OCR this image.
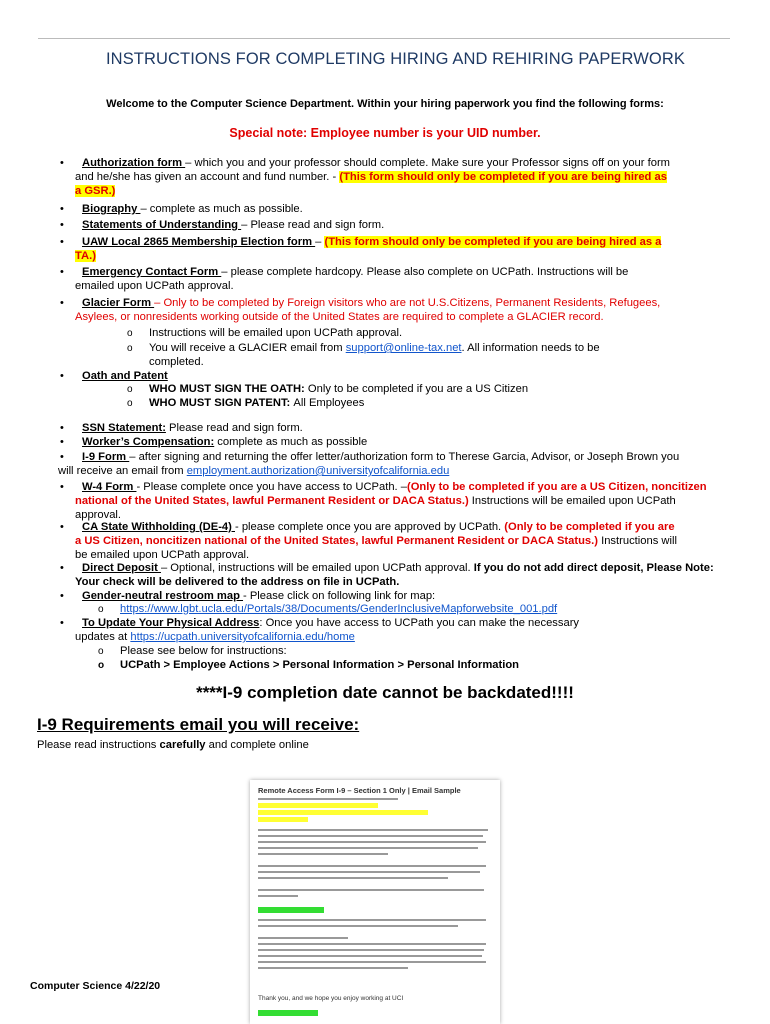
INSTRUCTIONS FOR COMPLETING HIRING AND REHIRING PAPERWORK
Welcome to the Computer Science Department. Within your hiring paperwork you find the following forms:
Special note: Employee number is your UID number.
• Authorization form – which you and your professor should complete. Make sure your Professor signs off on your form
and he/she has given an account and fund number. - (This form should only be completed if you are being hired as
a GSR.)
• Biography – complete as much as possible.
• Statements of Understanding – Please read and sign form.
• UAW Local 2865 Membership Election form – (This form should only be completed if you are being hired as a
TA.)
• Emergency Contact Form – please complete hardcopy. Please also complete on UCPath. Instructions will be
emailed upon UCPath approval.
• Glacier Form – Only to be completed by Foreign visitors who are not U.S.Citizens, Permanent Residents, Refugees,
Asylees, or nonresidents working outside of the United States are required to complete a GLACIER record.
o Instructions will be emailed upon UCPath approval.
o You will receive a GLACIER email from support@online-tax.net. All information needs to be
completed.
• Oath and Patent
o WHO MUST SIGN THE OATH: Only to be completed if you are a US Citizen
o WHO MUST SIGN PATENT: All Employees
• SSN Statement: Please read and sign form.
• Worker’s Compensation: complete as much as possible
• I-9 Form – after signing and returning the offer letter/authorization form to Therese Garcia, Advisor, or Joseph Brown you
will receive an email from employment.authorization@universityofcalifornia.edu
• W-4 Form - Please complete once you have access to UCPath. –(Only to be completed if you are a US Citizen, noncitizen
national of the United States, lawful Permanent Resident or DACA Status.) Instructions will be emailed upon UCPath
approval.
• CA State Withholding (DE-4) - please complete once you are approved by UCPath. (Only to be completed if you are
a US Citizen, noncitizen national of the United States, lawful Permanent Resident or DACA Status.) Instructions will
be emailed upon UCPath approval.
• Direct Deposit – Optional, instructions will be emailed upon UCPath approval. If you do not add direct deposit, Please Note:
Your check will be delivered to the address on file in UCPath.
• Gender-neutral restroom map - Please click on following link for map:
o https://www.lgbt.ucla.edu/Portals/38/Documents/GenderInclusiveMapforwebsite_001.pdf
• To Update Your Physical Address: Once you have access to UCPath you can make the necessary
updates at https://ucpath.universityofcalifornia.edu/home
o Please see below for instructions:
o UCPath > Employee Actions > Personal Information > Personal Information
****I-9 completion date cannot be backdated!!!!
I-9 Requirements email you will receive:
Please read instructions carefully and complete online
Remote Access Form I-9 – Section 1 Only | Email Sample
Thank you, and we hope you enjoy working at UCI
Computer Science 4/22/20
